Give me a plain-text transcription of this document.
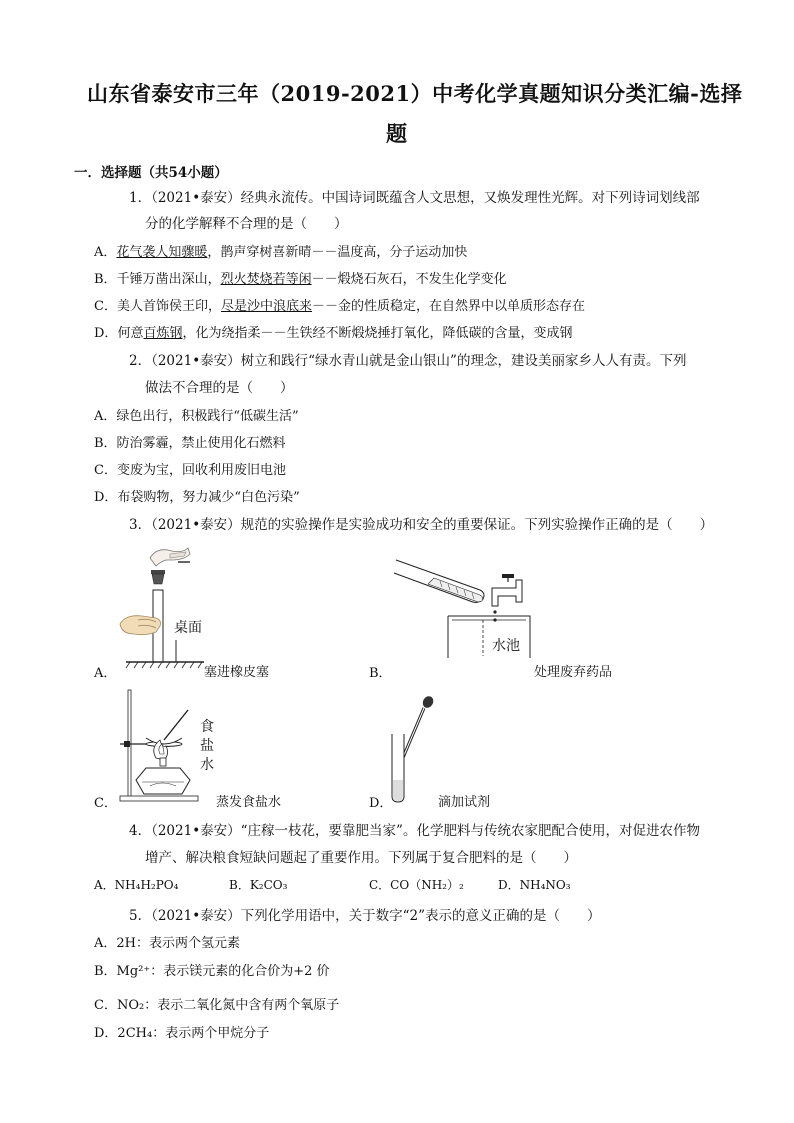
山东省泰安市三年（2019-2021）中考化学真题知识分类汇编-选择
题
一．选择题（共54小题）
1．（2021•泰安）经典永流传。中国诗词既蕴含人文思想，又焕发理性光辉。对下列诗词划线部
分的化学解释不合理的是（　　）
A．花气袭人知骤暖，鹊声穿树喜新晴－－温度高，分子运动加快
B．千锤万凿出深山，烈火焚烧若等闲－－煅烧石灰石，不发生化学变化
C．美人首饰侯王印，尽是沙中浪底来－－金的性质稳定，在自然界中以单质形态存在
D．何意百炼钢，化为绕指柔－－生铁经不断煅烧捶打氧化，降低碳的含量，变成钢
2．（2021•泰安）树立和践行“绿水青山就是金山银山”的理念，建设美丽家乡人人有责。下列
做法不合理的是（　　）
A．绿色出行，积极践行“低碳生活”
B．防治雾霾，禁止使用化石燃料
C．变废为宝，回收利用废旧电池
D．布袋购物，努力减少“白色污染”
3．（2021•泰安）规范的实验操作是实验成功和安全的重要保证。下列实验操作正确的是（　　）
A．
桌面
塞进橡皮塞	B．
水池
处理废弃药品
C．
食
盐
水
蒸发食盐水	D．	滴加试剂
4．（2021•泰安）“庄稼一枝花，要靠肥当家”。化学肥料与传统农家肥配合使用，对促进农作物
增产、解决粮食短缺问题起了重要作用。下列属于复合肥料的是（　　）
A．NH₄H₂PO₄	B．K₂CO₃	C．CO（NH₂）₂	D．NH₄NO₃
5．（2021•泰安）下列化学用语中，关于数字“2”表示的意义正确的是（　　）
A．2H：表示两个氢元素
B．Mg²⁺：表示镁元素的化合价为+2 价
C．NO₂：表示二氧化氮中含有两个氧原子
D．2CH₄：表示两个甲烷分子
